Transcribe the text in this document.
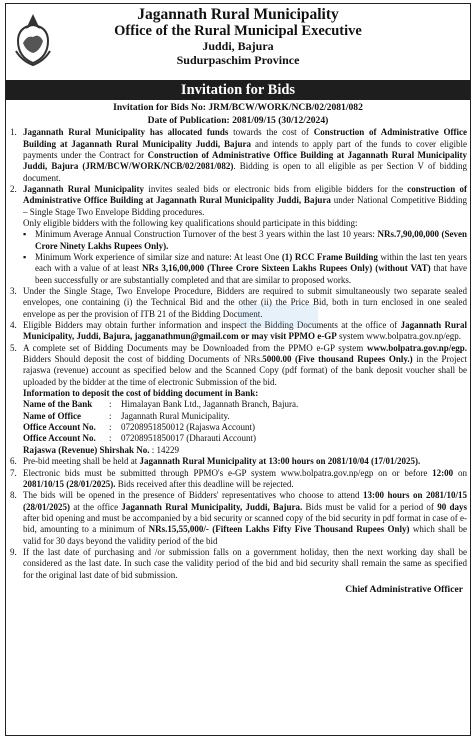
Jagannath Rural Municipality
Office of the Rural Municipal Executive
Juddi, Bajura
Sudurpaschim Province
Invitation for Bids
Invitation for Bids No: JRM/BCW/WORK/NCB/02/2081/082
Date of Publication: 2081/09/15 (30/12/2024)
1. Jagannath Rural Municipality has allocated funds towards the cost of Construction of Administrative Office Building at Jagannath Rural Municipality Juddi, Bajura and intends to apply part of the funds to cover eligible payments under the Contract for Construction of Administrative Office Building at Jagannath Rural Municipality Juddi, Bajura (JRM/BCW/WORK/NCB/02/2081/082). Bidding is open to all eligible as per Section V of bidding document.
2. Jagannath Rural Municipality invites sealed bids or electronic bids from eligible bidders for the construction of Administrative Office Building at Jagannath Rural Municipality Juddi, Bajura under National Competitive Bidding – Single Stage Two Envelope Bidding procedures.
Only eligible bidders with the following key qualifications should participate in this bidding:
▪ Minimum Average Annual Construction Turnover of the best 3 years within the last 10 years: NRs.7,90,00,000 (Seven Crore Ninety Lakhs Rupees Only).
▪ Minimum Work experience of similar size and nature: At least One (1) RCC Frame Building within the last ten years each with a value of at least NRs 3,16,00,000 (Three Crore Sixteen Lakhs Rupees Only) (without VAT) that have been successfully or are substantially completed and that are similar to proposed works.
3. Under the Single Stage, Two Envelope Procedure, Bidders are required to submit simultaneously two separate sealed envelopes, one containing (i) the Technical Bid and the other (ii) the Price Bid, both in turn enclosed in one sealed envelope as per the provision of ITB 21 of the Bidding Document.
4. Eligible Bidders may obtain further information and inspect the Bidding Documents at the office of Jagannath Rural Municipality, Juddi, Bajura, jagganathmun@gmail.com or may visit PPMO e-GP system www.bolpatra.gov.np/egp.
5. A complete set of Bidding Documents may be Downloaded from the PPMO e-GP system www.bolpatra.gov.np/egp. Bidders Should deposit the cost of bidding Documents of NRs.5000.00 (Five thousand Rupees Only.) in the Project rajaswa (revenue) account as specified below and the Scanned Copy (pdf format) of the bank deposit voucher shall be uploaded by the bidder at the time of electronic Submission of the bid.
Information to deposit the cost of bidding document in Bank:
Name of the Bank	:	Himalayan Bank Ltd., Jagannath Branch, Bajura.
Name of Office	:	Jagannath Rural Municipality.
Office Account No.	:	07208951850012 (Rajaswa Account)
Office Account No.	:	07208951850017 (Dharauti Account)
Rajaswa (Revenue) Shirshak No. : 14229
6. Pre-bid meeting shall be held at Jagannath Rural Municipality at 13:00 hours on 2081/10/04 (17/01/2025).
7. Electronic bids must be submitted through PPMO's e-GP system www.bolpatra.gov.np/egp on or before 12:00 on 2081/10/15 (28/01/2025). Bids received after this deadline will be rejected.
8. The bids will be opened in the presence of Bidders' representatives who choose to attend 13:00 hours on 2081/10/15 (28/01/2025) at the office Jagannath Rural Municipality, Juddi, Bajura. Bids must be valid for a period of 90 days after bid opening and must be accompanied by a bid security or scanned copy of the bid security in pdf format in case of e-bid, amounting to a minimum of NRs.15,55,000/- (Fifteen Lakhs Fifty Five Thousand Rupees Only) which shall be valid for 30 days beyond the validity period of the bid
9. If the last date of purchasing and /or submission falls on a government holiday, then the next working day shall be considered as the last date. In such case the validity period of the bid and bid security shall remain the same as specified for the original last date of bid submission.
Chief Administrative Officer
